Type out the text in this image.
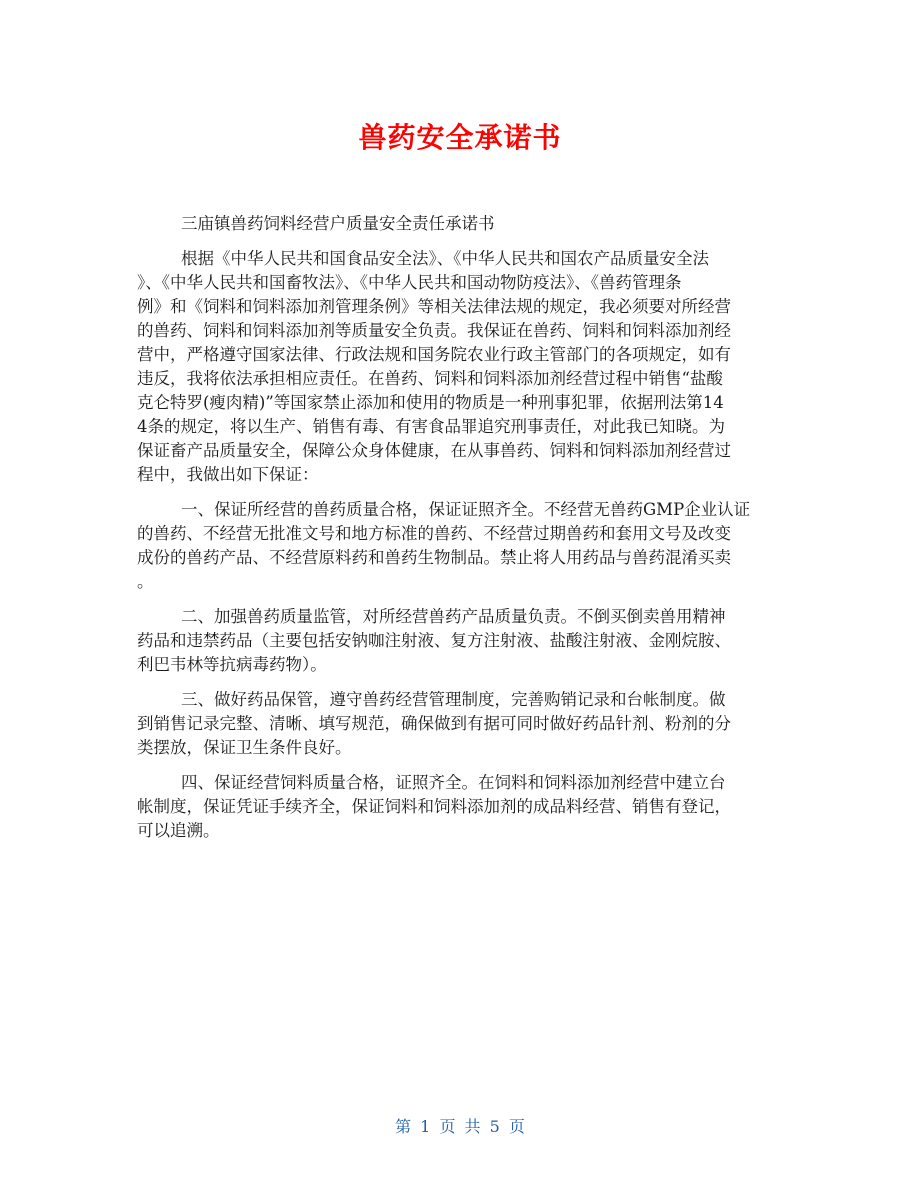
兽药安全承诺书
三庙镇兽药饲料经营户质量安全责任承诺书
根据《中华人民共和国食品安全法》、《中华人民共和国农产品质量安全法
》、《中华人民共和国畜牧法》、《中华人民共和国动物防疫法》、《兽药管理条
例》和《饲料和饲料添加剂管理条例》等相关法律法规的规定，我必须要对所经营
的兽药、饲料和饲料添加剂等质量安全负责。我保证在兽药、饲料和饲料添加剂经
营中，严格遵守国家法律、行政法规和国务院农业行政主管部门的各项规定，如有
违反，我将依法承担相应责任。在兽药、饲料和饲料添加剂经营过程中销售“盐酸
克仑特罗(瘦肉精)”等国家禁止添加和使用的物质是一种刑事犯罪，依据刑法第14
4条的规定，将以生产、销售有毒、有害食品罪追究刑事责任，对此我已知晓。为
保证畜产品质量安全，保障公众身体健康，在从事兽药、饲料和饲料添加剂经营过
程中，我做出如下保证：
一、保证所经营的兽药质量合格，保证证照齐全。不经营无兽药GMP企业认证
的兽药、不经营无批准文号和地方标准的兽药、不经营过期兽药和套用文号及改变
成份的兽药产品、不经营原料药和兽药生物制品。禁止将人用药品与兽药混淆买卖
。
二、加强兽药质量监管，对所经营兽药产品质量负责。不倒买倒卖兽用精神
药品和违禁药品（主要包括安钠咖注射液、复方注射液、盐酸注射液、金刚烷胺、
利巴韦林等抗病毒药物）。
三、做好药品保管，遵守兽药经营管理制度，完善购销记录和台帐制度。做
到销售记录完整、清晰、填写规范，确保做到有据可同时做好药品针剂、粉剂的分
类摆放，保证卫生条件良好。
四、保证经营饲料质量合格，证照齐全。在饲料和饲料添加剂经营中建立台
帐制度，保证凭证手续齐全，保证饲料和饲料添加剂的成品料经营、销售有登记，
可以追溯。
第 1 页 共 5 页
